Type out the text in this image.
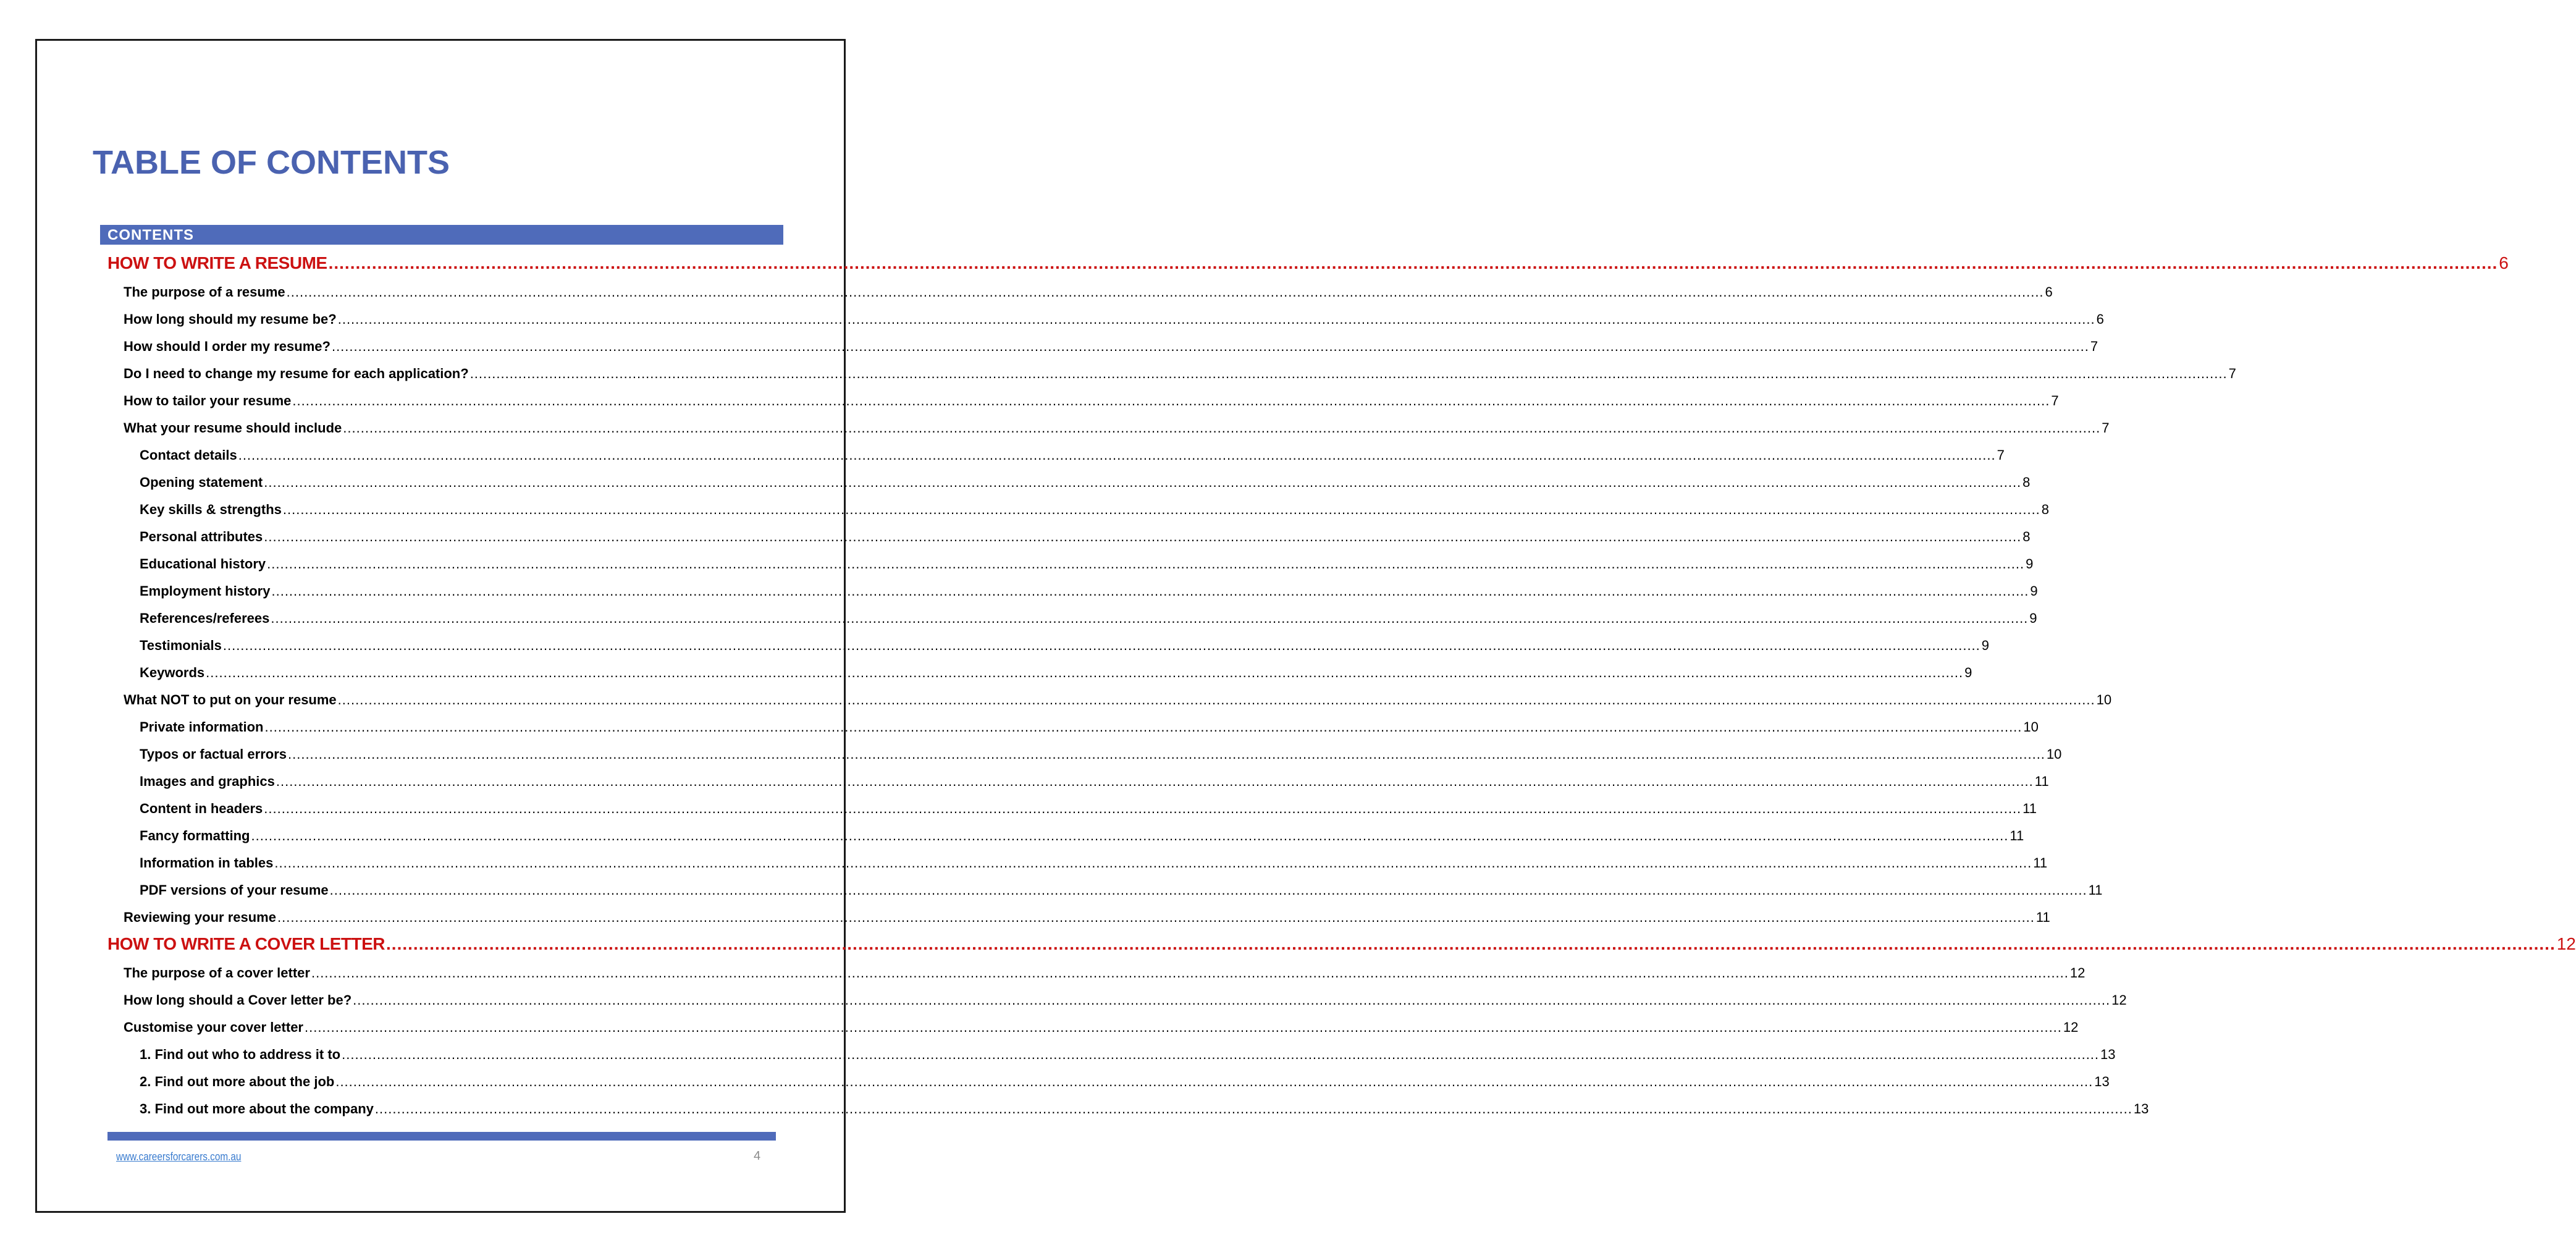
TABLE OF CONTENTS
CONTENTS
HOW TO WRITE A RESUME ................................................................................................................................................................................................................................................................................................................................................................................................................ 6
The purpose of a resume ................................................................................................................................................................................................................................................................................................................................................................................................................ 6
How long should my resume be? ................................................................................................................................................................................................................................................................................................................................................................................................................ 6
How should I order my resume? ................................................................................................................................................................................................................................................................................................................................................................................................................ 7
Do I need to change my resume for each application? ................................................................................................................................................................................................................................................................................................................................................................................................................ 7
How to tailor your resume ................................................................................................................................................................................................................................................................................................................................................................................................................ 7
What your resume should include ................................................................................................................................................................................................................................................................................................................................................................................................................ 7
Contact details ................................................................................................................................................................................................................................................................................................................................................................................................................ 7
Opening statement ................................................................................................................................................................................................................................................................................................................................................................................................................ 8
Key skills & strengths ................................................................................................................................................................................................................................................................................................................................................................................................................ 8
Personal attributes ................................................................................................................................................................................................................................................................................................................................................................................................................ 8
Educational history ................................................................................................................................................................................................................................................................................................................................................................................................................ 9
Employment history ................................................................................................................................................................................................................................................................................................................................................................................................................ 9
References/referees ................................................................................................................................................................................................................................................................................................................................................................................................................ 9
Testimonials ................................................................................................................................................................................................................................................................................................................................................................................................................ 9
Keywords ................................................................................................................................................................................................................................................................................................................................................................................................................ 9
What NOT to put on your resume ................................................................................................................................................................................................................................................................................................................................................................................................................ 10
Private information ................................................................................................................................................................................................................................................................................................................................................................................................................ 10
Typos or factual errors ................................................................................................................................................................................................................................................................................................................................................................................................................ 10
Images and graphics ................................................................................................................................................................................................................................................................................................................................................................................................................ 11
Content in headers ................................................................................................................................................................................................................................................................................................................................................................................................................ 11
Fancy formatting ................................................................................................................................................................................................................................................................................................................................................................................................................ 11
Information in tables ................................................................................................................................................................................................................................................................................................................................................................................................................ 11
PDF versions of your resume ................................................................................................................................................................................................................................................................................................................................................................................................................ 11
Reviewing your resume ................................................................................................................................................................................................................................................................................................................................................................................................................ 11
HOW TO WRITE A COVER LETTER ................................................................................................................................................................................................................................................................................................................................................................................................................ 12
The purpose of a cover letter ................................................................................................................................................................................................................................................................................................................................................................................................................ 12
How long should a Cover letter be? ................................................................................................................................................................................................................................................................................................................................................................................................................ 12
Customise your cover letter ................................................................................................................................................................................................................................................................................................................................................................................................................ 12
1. Find out who to address it to ................................................................................................................................................................................................................................................................................................................................................................................................................ 13
2. Find out more about the job ................................................................................................................................................................................................................................................................................................................................................................................................................ 13
3. Find out more about the company ................................................................................................................................................................................................................................................................................................................................................................................................................ 13
www.careersforcarers.com.au	4
